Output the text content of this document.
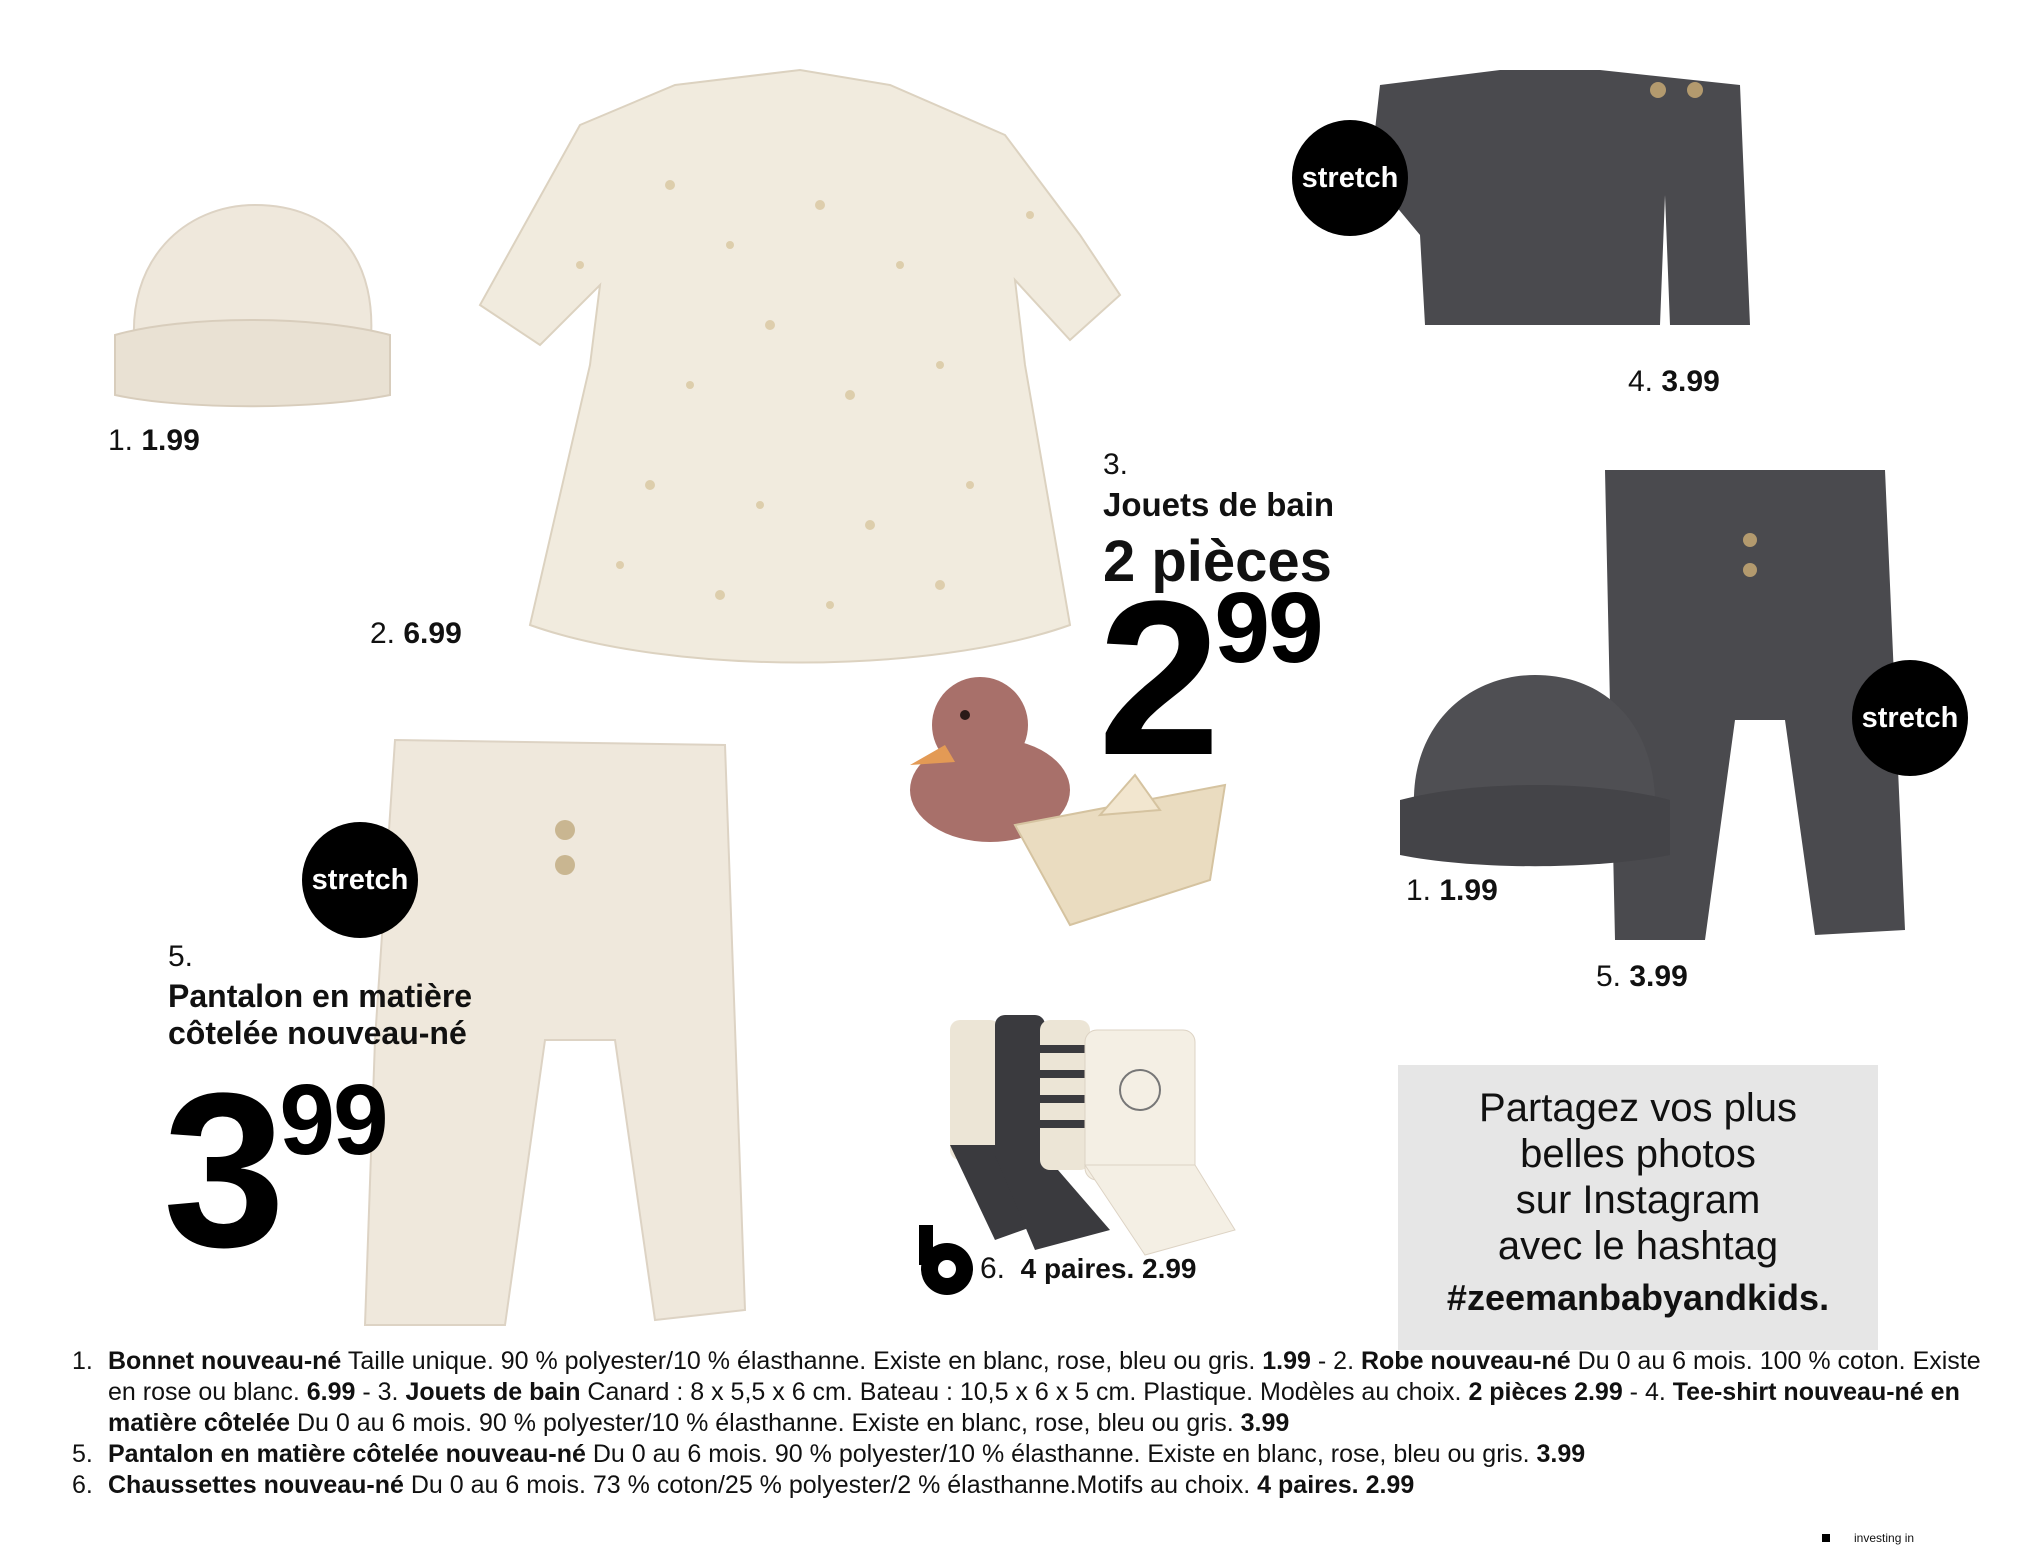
stretch
stretch
stretch
1. 1.99
2. 6.99
4. 3.99
1. 1.99
5. 3.99
6. 4 paires. 2.99
3.
Jouets de bain
2 pièces
299
5.
Pantalon en matière
côtelée nouveau-né
399	Partagez vos plus
belles photos
sur Instagram
avec le hashtag
#zeemanbabyandkids.
1. Bonnet nouveau-né Taille unique. 90 % polyester/10 % élasthanne. Existe en blanc, rose, bleu ou gris. 1.99 - 2. Robe nouveau-né Du 0 au 6 mois. 100 % coton. Existe en rose ou blanc. 6.99 - 3. Jouets de bain Canard : 8 x 5,5 x 6 cm. Bateau : 10,5 x 6 x 5 cm. Plastique. Modèles au choix. 2 pièces 2.99 - 4. Tee-shirt nouveau-né en matière côtelée Du 0 au 6 mois. 90 % polyester/10 % élasthanne. Existe en blanc, rose, bleu ou gris. 3.99
5. Pantalon en matière côtelée nouveau-né Du 0 au 6 mois. 90 % polyester/10 % élasthanne. Existe en blanc, rose, bleu ou gris. 3.99
6. Chaussettes nouveau-né Du 0 au 6 mois. 73 % coton/25 % polyester/2 % élasthanne.Motifs au choix. 4 paires. 2.99
investing in
